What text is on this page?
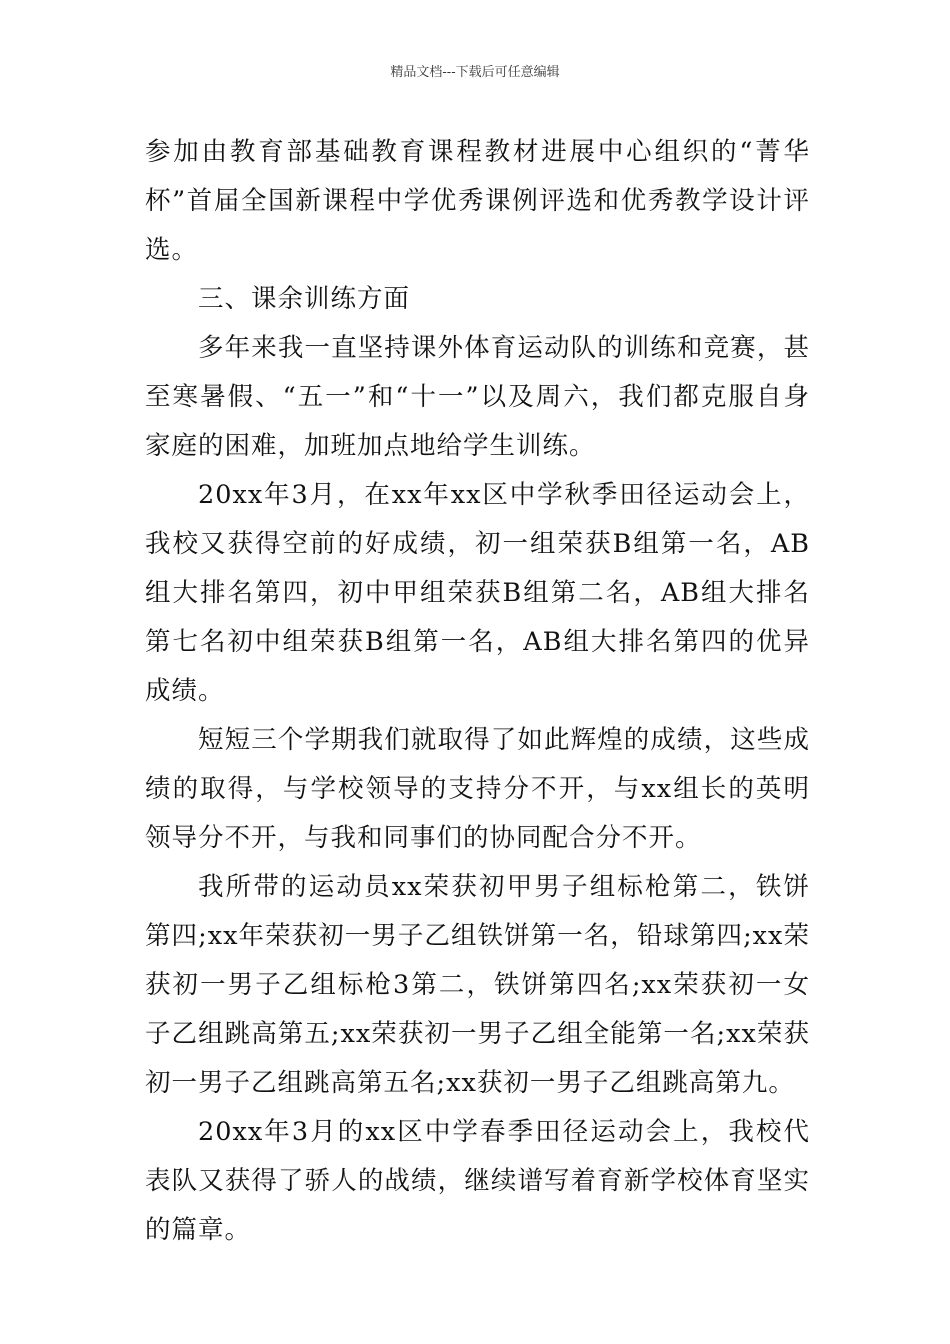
精品文档---下载后可任意编辑

参加由教育部基础教育课程教材进展中心组织的“菁华杯”首届全国新课程中学优秀课例评选和优秀教学设计评选。

三、课余训练方面

多年来我一直坚持课外体育运动队的训练和竞赛，甚至寒暑假、“五一”和“十一”以及周六，我们都克服自身家庭的困难，加班加点地给学生训练。

20xx年3月，在xx年xx区中学秋季田径运动会上，我校又获得空前的好成绩，初一组荣获B组第一名，AB组大排名第四，初中甲组荣获B组第二名，AB组大排名第七名初中组荣获B组第一名，AB组大排名第四的优异成绩。

短短三个学期我们就取得了如此辉煌的成绩，这些成绩的取得，与学校领导的支持分不开，与xx组长的英明领导分不开，与我和同事们的协同配合分不开。

我所带的运动员xx荣获初甲男子组标枪第二，铁饼第四;xx年荣获初一男子乙组铁饼第一名，铅球第四;xx荣获初一男子乙组标枪3第二，铁饼第四名;xx荣获初一女子乙组跳高第五;xx荣获初一男子乙组全能第一名;xx荣获初一男子乙组跳高第五名;xx获初一男子乙组跳高第九。

20xx年3月的xx区中学春季田径运动会上，我校代表队又获得了骄人的战绩，继续谱写着育新学校体育坚实的篇章。
